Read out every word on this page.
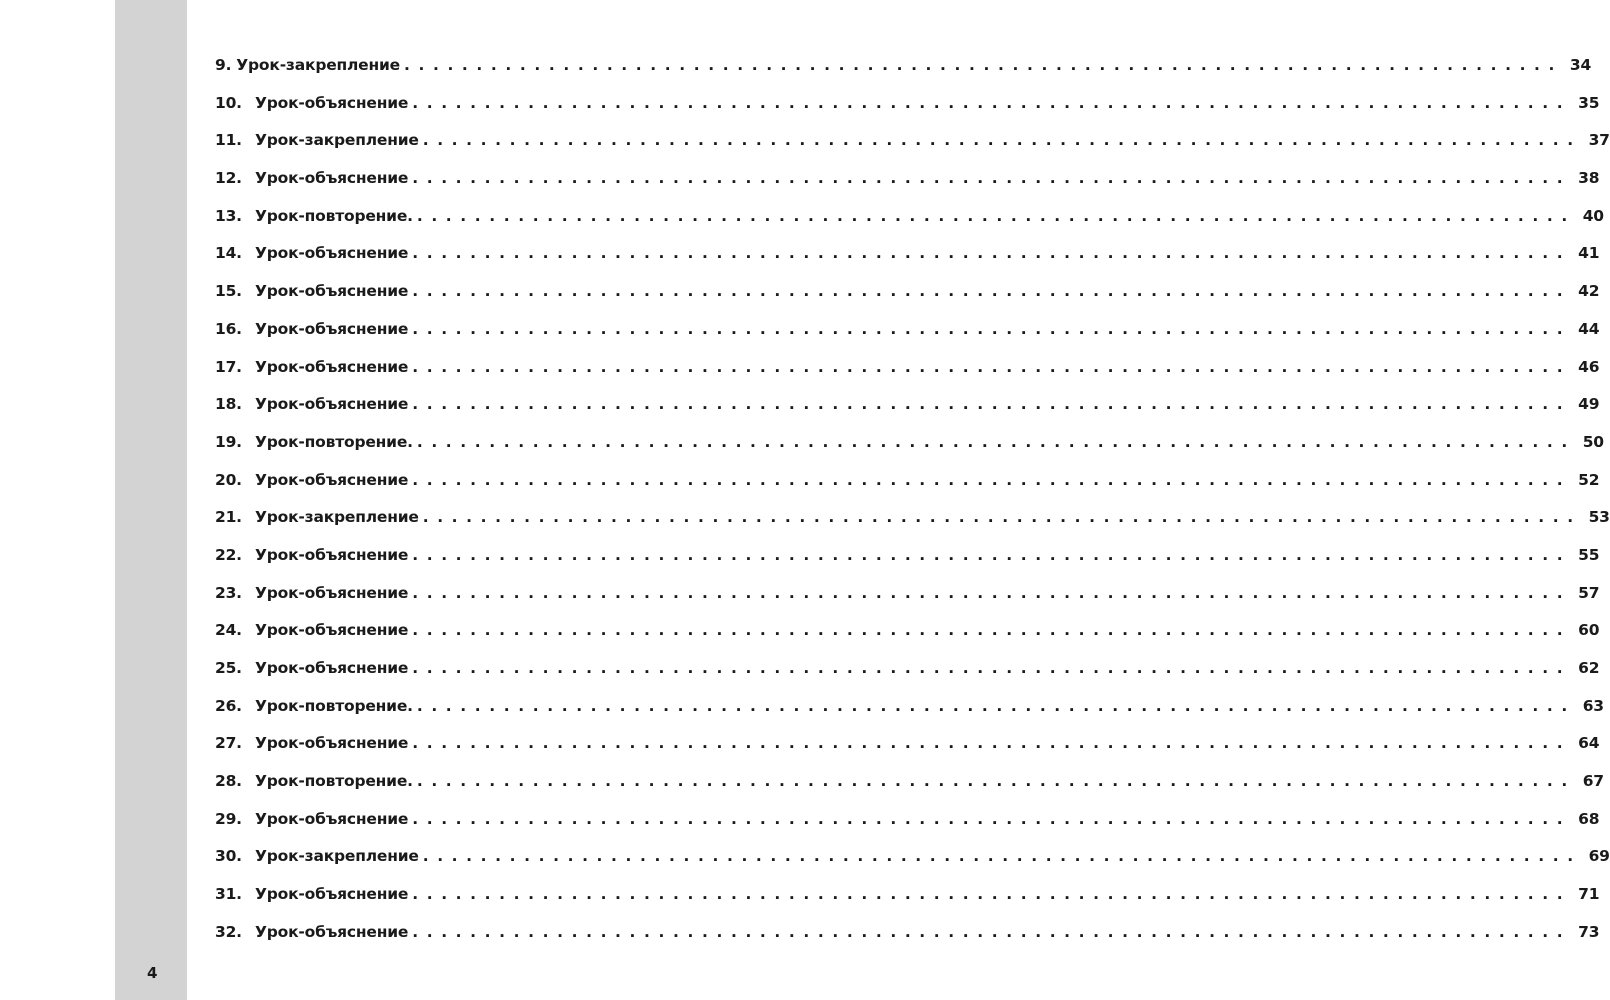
4
9. Урок-закрепление ................................................................................ 34
10. Урок-объяснение ................................................................................ 35
11. Урок-закрепление ................................................................................ 37
12. Урок-объяснение ................................................................................ 38
13. Урок-повторение. ................................................................................ 40
14. Урок-объяснение ................................................................................ 41
15. Урок-объяснение ................................................................................ 42
16. Урок-объяснение ................................................................................ 44
17. Урок-объяснение ................................................................................ 46
18. Урок-объяснение ................................................................................ 49
19. Урок-повторение. ................................................................................ 50
20. Урок-объяснение ................................................................................ 52
21. Урок-закрепление ................................................................................ 53
22. Урок-объяснение ................................................................................ 55
23. Урок-объяснение ................................................................................ 57
24. Урок-объяснение ................................................................................ 60
25. Урок-объяснение ................................................................................ 62
26. Урок-повторение. ................................................................................ 63
27. Урок-объяснение ................................................................................ 64
28. Урок-повторение. ................................................................................ 67
29. Урок-объяснение ................................................................................ 68
30. Урок-закрепление ................................................................................ 69
31. Урок-объяснение ................................................................................ 71
32. Урок-объяснение ................................................................................ 73
